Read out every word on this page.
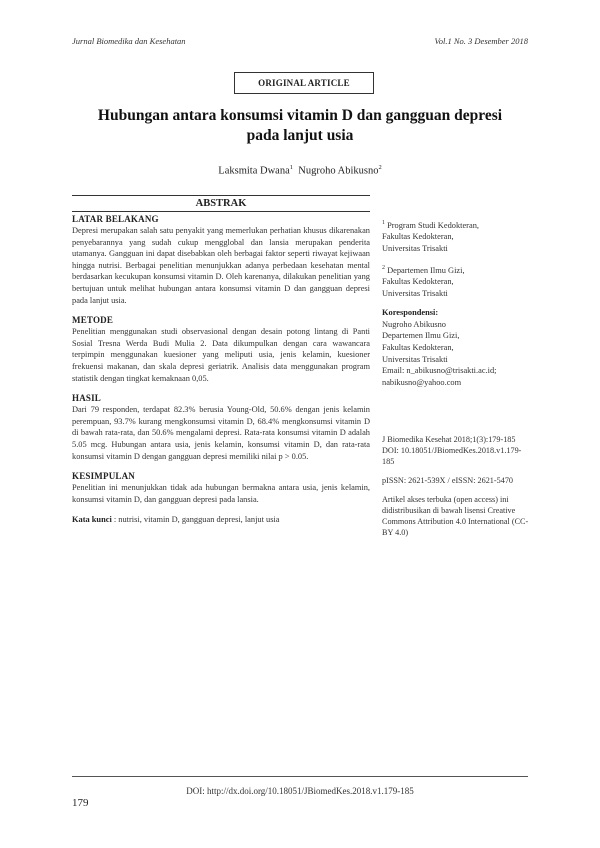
Jurnal Biomedika dan Kesehatan	Vol.1 No. 3 Desember 2018
ORIGINAL ARTICLE
Hubungan antara konsumsi vitamin D dan gangguan depresi
pada lanjut usia
Laksmita Dwana$^1$ Nugroho Abikusno$^2$
ABSTRAK
LATAR BELAKANG
Depresi merupakan salah satu penyakit yang memerlukan perhatian khusus dikarenakan penyebarannya yang sudah cukup mengglobal dan lansia merupakan penderita utamanya. Gangguan ini dapat disebabkan oleh berbagai faktor seperti riwayat kejiwaan hingga nutrisi. Berbagai penelitian menunjukkan adanya perbedaan kesehatan mental berdasarkan kecukupan konsumsi vitamin D. Oleh karenanya, dilakukan penelitian yang bertujuan untuk melihat hubungan antara konsumsi vitamin D dan gangguan depresi pada lanjut usia.
METODE
Penelitian menggunakan studi observasional dengan desain potong lintang di Panti Sosial Tresna Werda Budi Mulia 2. Data dikumpulkan dengan cara wawancara terpimpin menggunakan kuesioner yang meliputi usia, jenis kelamin, kuesioner frekuensi makanan, dan skala depresi geriatrik. Analisis data menggunakan program statistik dengan tingkat kemaknaan 0,05.
HASIL
Dari 79 responden, terdapat 82.3% berusia Young-Old, 50.6% dengan jenis kelamin perempuan, 93.7% kurang mengkonsumsi vitamin D, 68.4% mengkonsumsi vitamin D di bawah rata-rata, dan 50.6% mengalami depresi. Rata-rata konsumsi vitamin D adalah 5.05 mcg. Hubungan antara usia, jenis kelamin, konsumsi vitamin D, dan rata-rata konsumsi vitamin D dengan gangguan depresi memiliki nilai p > 0.05.
KESIMPULAN
Penelitian ini menunjukkan tidak ada hubungan bermakna antara usia, jenis kelamin, konsumsi vitamin D, dan gangguan depresi pada lansia.
Kata kunci : nutrisi, vitamin D, gangguan depresi, lanjut usia
$^1$ Program Studi Kedokteran,
Fakultas Kedokteran,
Universitas Trisakti
$^2$ Departemen Ilmu Gizi,
Fakultas Kedokteran,
Universitas Trisakti
Korespondensi:
Nugroho Abikusno
Departemen Ilmu Gizi,
Fakultas Kedokteran,
Universitas Trisakti
Email: n_abikusno@trisakti.ac.id;
nabikusno@yahoo.com
J Biomedika Kesehat 2018;1(3):179-185
DOI: 10.18051/JBiomedKes.2018.v1.179-185
pISSN: 2621-539X / eISSN: 2621-5470
Artikel akses terbuka (open access) ini didistribusikan di bawah lisensi Creative Commons Attribution 4.0 International (CC-BY 4.0)
DOI: http://dx.doi.org/10.18051/JBiomedKes.2018.v1.179-185
179
